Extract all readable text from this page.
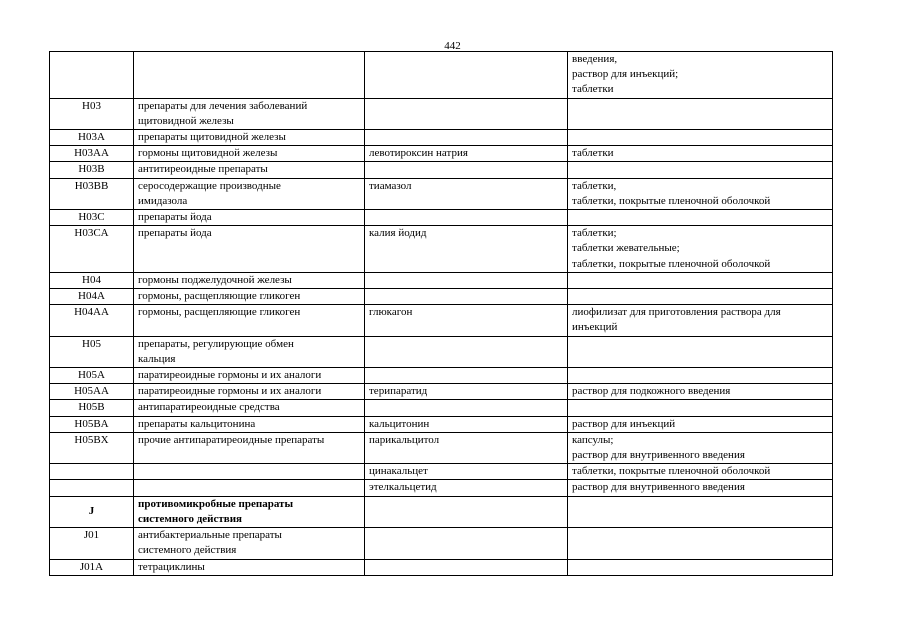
442

			введения,
раствор для инъекций;
таблетки

H03	препараты для лечения заболеваний
щитовидной железы		

H03A	препараты щитовидной железы		

H03AA	гормоны щитовидной железы	левотироксин натрия	таблетки

H03B	антитиреоидные препараты		

H03BB	серосодержащие производные
имидазола	тиамазол	таблетки,
таблетки, покрытые пленочной оболочкой

H03C	препараты йода		

H03CA	препараты йода	калия йодид	таблетки;
таблетки жевательные;
таблетки, покрытые пленочной оболочкой

H04	гормоны поджелудочной железы		

H04A	гормоны, расщепляющие гликоген		

H04AA	гормоны, расщепляющие гликоген	глюкагон	лиофилизат для приготовления раствора для
инъекций

H05	препараты, регулирующие обмен
кальция		

H05A	паратиреоидные гормоны и их аналоги		

H05AA	паратиреоидные гормоны и их аналоги	терипаратид	раствор для подкожного введения

H05B	антипаратиреоидные средства		

H05BA	препараты кальцитонина	кальцитонин	раствор для инъекций

H05BX	прочие антипаратиреоидные препараты	парикальцитол	капсулы;
раствор для внутривенного введения

		цинакальцет	таблетки, покрытые пленочной оболочкой

		этелкальцетид	раствор для внутривенного введения

J	противомикробные препараты
системного действия		

J01	антибактериальные препараты
системного действия		

J01A	тетрациклины		
